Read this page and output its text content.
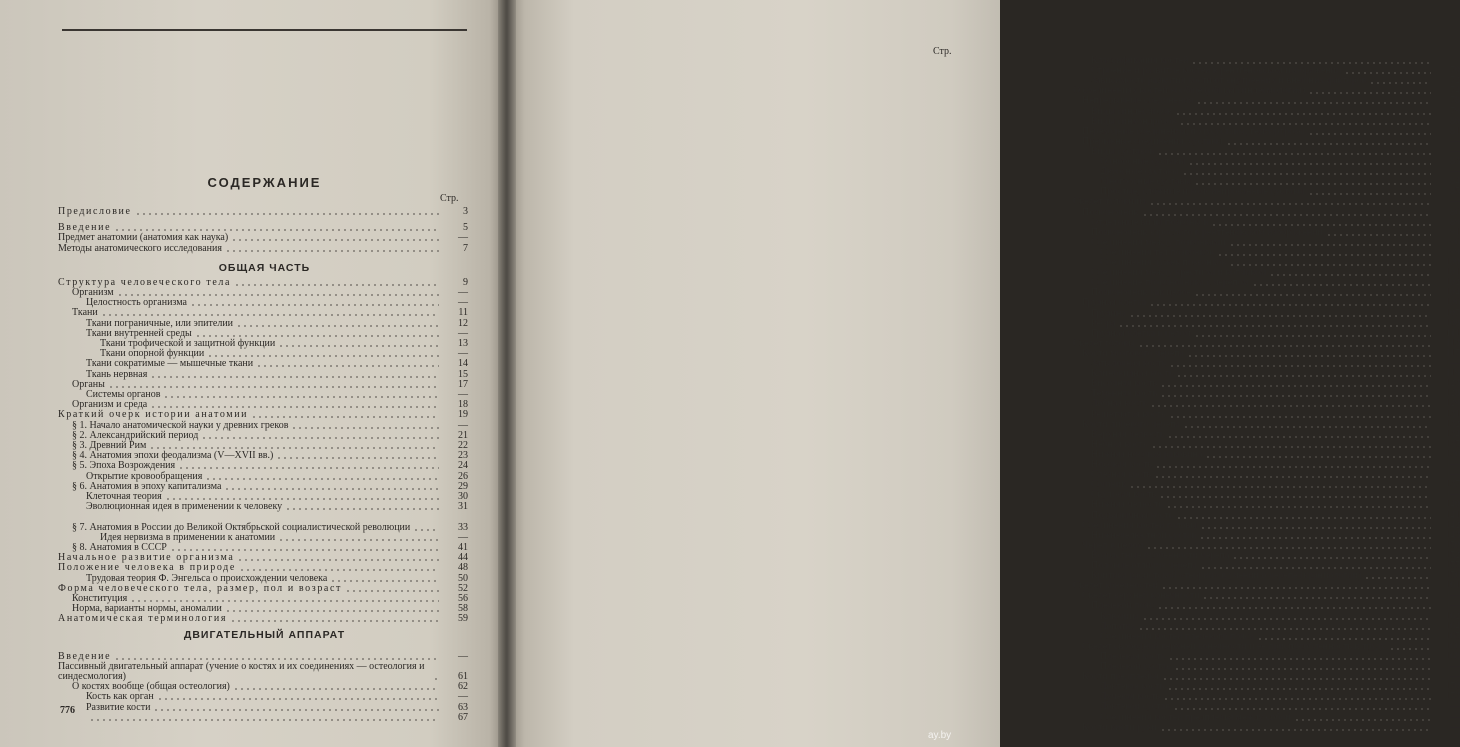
СОДЕРЖАНИЕ
Стр.
ОБЩАЯ ЧАСТЬ
ДВИГАТЕЛЬНЫЙ АППАРАТ
Предисловие	3
Введение	5
Предмет анатомии (анатомия как наука)	—
Методы анатомического исследования	7
Структура человеческого тела	9
Организм	—
Целостность организма	—
Ткани	11
Ткани пограничные, или эпителии	12
Ткани внутренней среды	—
Ткани трофической и защитной функции	13
Ткани опорной функции	—
Ткани сократимые — мышечные ткани	14
Ткань нервная	15
Органы	17
Системы органов	—
Организм и среда	18
Краткий очерк истории анатомии	19
§ 1. Начало анатомической науки у древних греков	—
§ 2. Александрийский период	21
§ 3. Древний Рим	22
§ 4. Анатомия эпохи феодализма (V—XVII вв.)	23
§ 5. Эпоха Возрождения	24
Открытие кровообращения	26
§ 6. Анатомия в эпоху капитализма	29
Клеточная теория	30
Эволюционная идея в применении к человеку	31
§ 7. Анатомия в России до Великой Октябрьской социалистической революции	33
Идея нервизма в применении к анатомии	—
§ 8. Анатомия в СССР	41
Начальное развитие организма	44
Положение человека в природе	48
Трудовая теория Ф. Энгельса о происхождении человека	50
Форма человеческого тела, размер, пол и возраст	52
Конституция	56
Норма, варианты нормы, аномалии	58
Анатомическая терминология	59
Введение	—
Пассивный двигательный аппарат (учение о костях и их соединениях — остеология и синдесмология)	61
О костях вообще (общая остеология)	62
Кость как орган	—
Развитие кости	63
67
776
Стр.
Классификация костей
Строение и развитие костей в рентгеновском изображении	70
Зависимость развития кости от внутренних и внешних факторов	72
О соединениях костей вообще (общая синдесмология)	74
Непрерывные соединения	78
Виды синдесмозов	79
Виды синхондрозов	80
Переходные соединения, полусуставы, гемиартрозы	81
Прерывные соединения, суставы	—
Виды суставов	—
Одноосные суставы	83
Двуосные суставы	—
Многоосные суставы	84
Простые, сложные и комбинированные суставы	85
Скелет туловища	—
Позвоночник	86
Отдельные виды позвонков	89
Позвоночник взрослого в рентгеновском изображении	91
Соединения между позвонками	96
Соединения тел позвонков	99
Соединения дужек позвонков	100
Соединения между крестцом и копчиком	101
Соединение позвоночника с черепом	102
Позвоночник как целое	104
Грудная клетка	106
Грудина	107
Ребра	108
Грудная клетка в целом	111
Скелет головы	113
Кости мозгового черепа	117
Затылочная кость	—
Клиновидная кость	119
Височная кость	123
Теменная кость	128
Лобная кость	129
Решетчатая кость	131
Кости лицевого черепа	132
Верхняя челюсть	134
Нёбная кость	135
Нижняя носовая раковина	136
Носовая кость	—
Слезная кость	—
Сошник	137
Скуловая кость	—
Нижняя челюсть	140
Подъязычная кость	141
Соединения костей головы	142
Нижнечелюстной сустав	143
Череп в целом	150
Возрастные особенности черепа	152
Половые отличия черепа	155
Критика расистской «теории» в учении о черепе (краниологии)	156
Скелет конечностей	161
Скелет верхней конечности	—
Плечевой пояс	—
Ключица	162
Лопатка	164
Соединения костей плечевого пояса	165
Скелет свободной верхней конечности и ее приспособленность к труду	166
Плечевая кость	168
Плечевой сустав	—
Кости предплечья	—
Локтевая кость	170
Лучевая кость	173
Локтевой сустав	—
Соединения костей предплечья между собой	—
Кости кисти руки	—
ay.by
